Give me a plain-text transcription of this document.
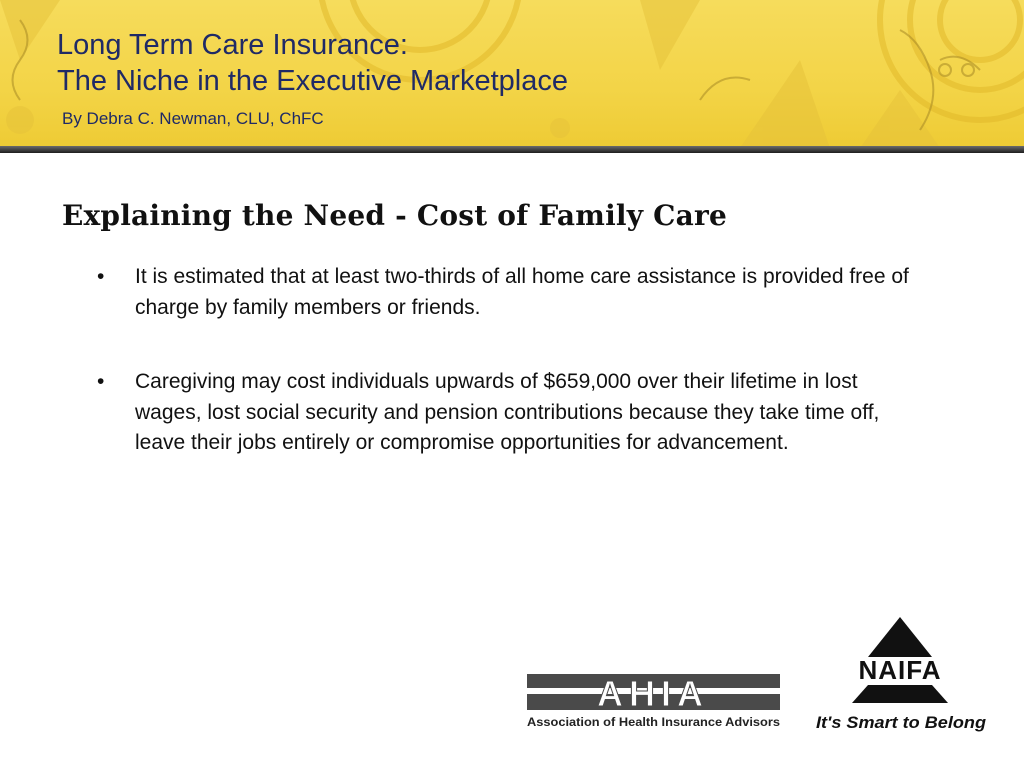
Long Term Care Insurance:
The Niche in the Executive Marketplace
By Debra C. Newman, CLU, ChFC
Explaining the Need - Cost of Family Care
• It is estimated that at least two-thirds of all home care assistance is provided free of charge by family members or friends.
• Caregiving may cost individuals upwards of $659,000 over their lifetime in lost wages, lost social security and pension contributions because they take time off, leave their jobs entirely or compromise opportunities for advancement.
AHIA
Association of Health Insurance Advisors
NAIFA
It's Smart to Belong
